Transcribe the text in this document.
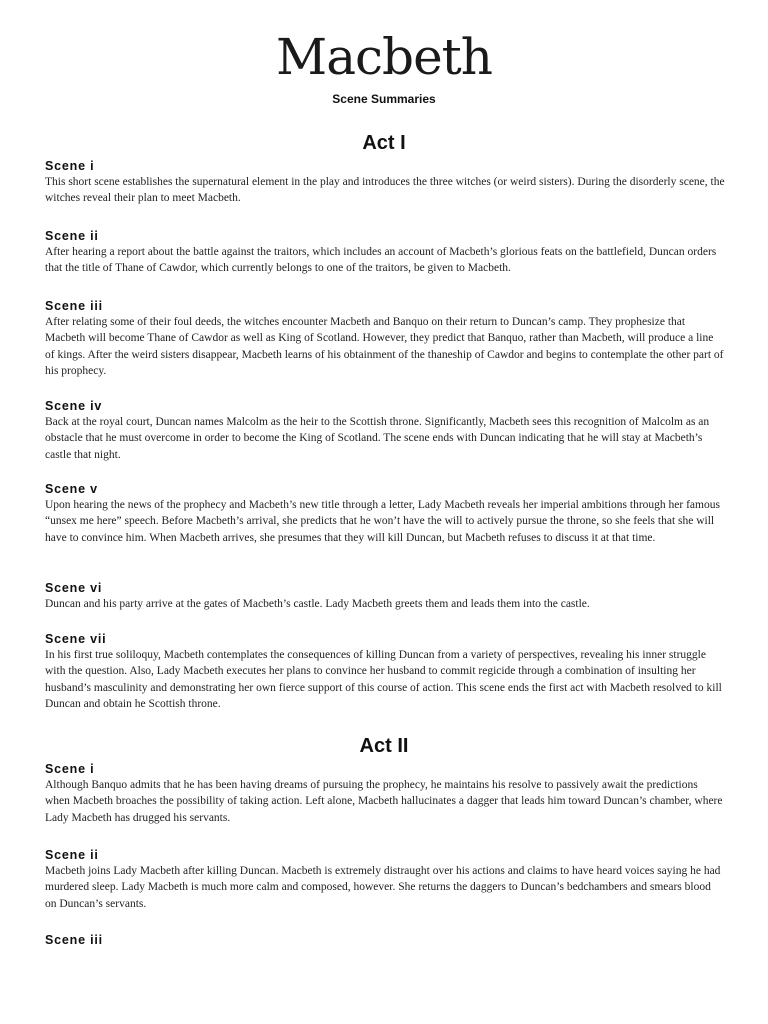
Macbeth
Scene Summaries
Act I
Scene i

This short scene establishes the supernatural element in the play and introduces the three witches (or weird sisters). During the disorderly scene, the witches reveal their plan to meet Macbeth.

Scene ii

After hearing a report about the battle against the traitors, which includes an account of Macbeth’s glorious feats on the battlefield, Duncan orders that the title of Thane of Cawdor, which currently belongs to one of the traitors, be given to Macbeth.

Scene iii

After relating some of their foul deeds, the witches encounter Macbeth and Banquo on their return to Duncan’s camp. They prophesize that Macbeth will become Thane of Cawdor as well as King of Scotland. However, they predict that Banquo, rather than Macbeth, will produce a line of kings. After the weird sisters disappear, Macbeth learns of his obtainment of the thaneship of Cawdor and begins to contemplate the other part of his prophecy.

Scene iv

Back at the royal court, Duncan names Malcolm as the heir to the Scottish throne. Significantly, Macbeth sees this recognition of Malcolm as an obstacle that he must overcome in order to become the King of Scotland. The scene ends with Duncan indicating that he will stay at Macbeth’s castle that night.

Scene v

Upon hearing the news of the prophecy and Macbeth’s new title through a letter, Lady Macbeth reveals her imperial ambitions through her famous “unsex me here” speech. Before Macbeth’s arrival, she predicts that he won’t have the will to actively pursue the throne, so she feels that she will have to convince him. When Macbeth arrives, she presumes that they will kill Duncan, but Macbeth refuses to discuss it at that time.

Scene vi

Duncan and his party arrive at the gates of Macbeth’s castle. Lady Macbeth greets them and leads them into the castle.

Scene vii

In his first true soliloquy, Macbeth contemplates the consequences of killing Duncan from a variety of perspectives, revealing his inner struggle with the question. Also, Lady Macbeth executes her plans to convince her husband to commit regicide through a combination of insulting her husband’s masculinity and demonstrating her own fierce support of this course of action. This scene ends the first act with Macbeth resolved to kill Duncan and obtain he Scottish throne.

Act II
Scene i

Although Banquo admits that he has been having dreams of pursuing the prophecy, he maintains his resolve to passively await the predictions when Macbeth broaches the possibility of taking action. Left alone, Macbeth hallucinates a dagger that leads him toward Duncan’s chamber, where Lady Macbeth has drugged his servants.

Scene ii

Macbeth joins Lady Macbeth after killing Duncan. Macbeth is extremely distraught over his actions and claims to have heard voices saying he had murdered sleep. Lady Macbeth is much more calm and composed, however. She returns the daggers to Duncan’s bedchambers and smears blood on Duncan’s servants.

Scene iii
